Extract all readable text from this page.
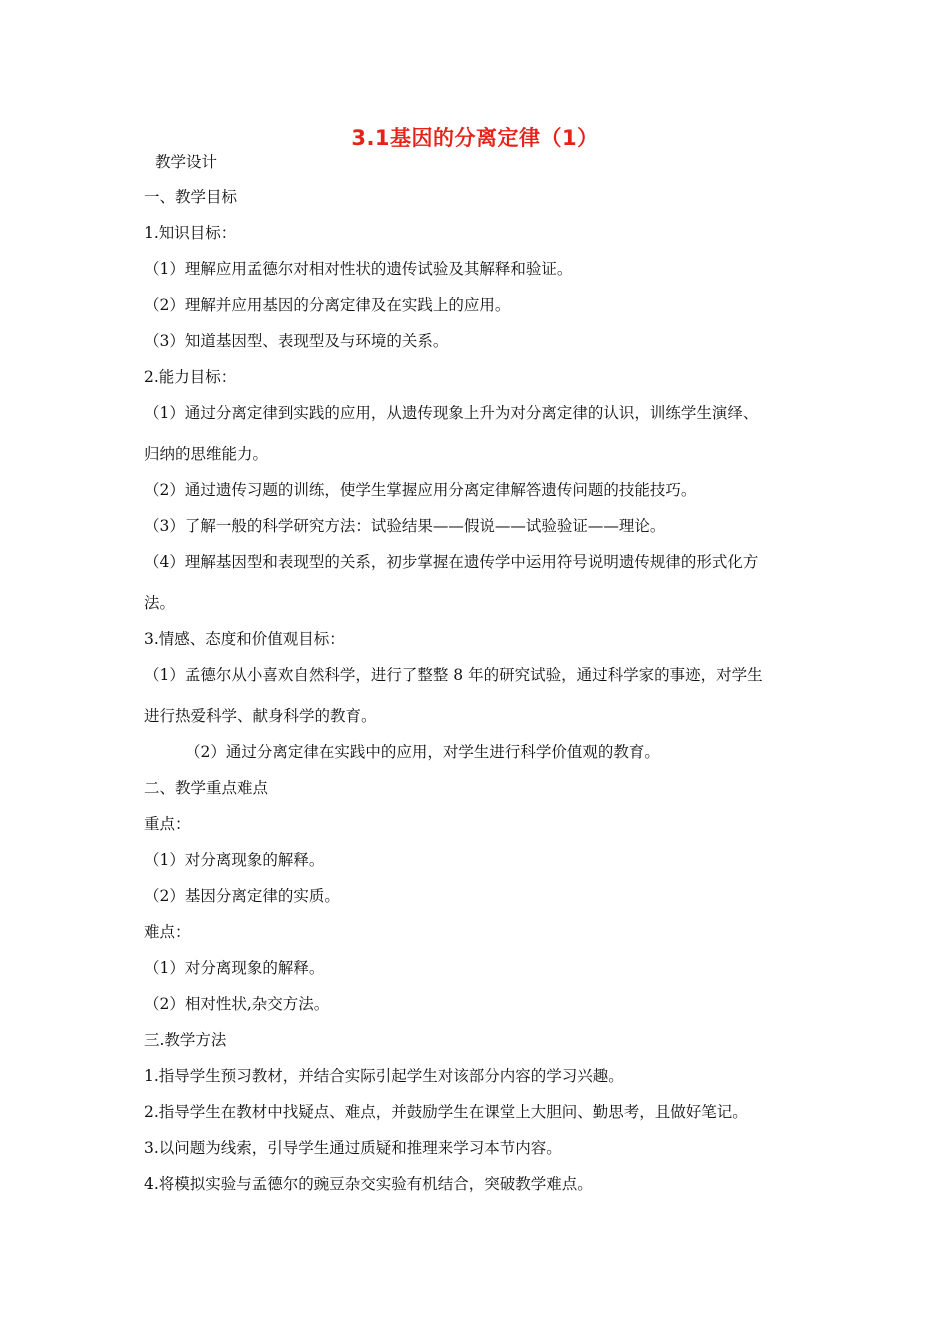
3.1基因的分离定律（1）
教学设计
一、教学目标
1.知识目标：
（1）理解应用孟德尔对相对性状的遗传试验及其解释和验证。
（2）理解并应用基因的分离定律及在实践上的应用。
（3）知道基因型、表现型及与环境的关系。
2.能力目标：
（1）通过分离定律到实践的应用，从遗传现象上升为对分离定律的认识，训练学生演绎、
归纳的思维能力。
（2）通过遗传习题的训练，使学生掌握应用分离定律解答遗传问题的技能技巧。
（3）了解一般的科学研究方法：试验结果——假说——试验验证——理论。
（4）理解基因型和表现型的关系，初步掌握在遗传学中运用符号说明遗传规律的形式化方
法。
3.情感、态度和价值观目标：
（1）孟德尔从小喜欢自然科学，进行了整整 8 年的研究试验，通过科学家的事迹，对学生
进行热爱科学、献身科学的教育。
（2）通过分离定律在实践中的应用，对学生进行科学价值观的教育。
二、教学重点难点
重点：
（1）对分离现象的解释。
（2）基因分离定律的实质。
难点：
（1）对分离现象的解释。
（2）相对性状,杂交方法。
三.教学方法
1.指导学生预习教材，并结合实际引起学生对该部分内容的学习兴趣。
2.指导学生在教材中找疑点、难点，并鼓励学生在课堂上大胆问、勤思考，且做好笔记。
3.以问题为线索，引导学生通过质疑和推理来学习本节内容。
4.将模拟实验与孟德尔的豌豆杂交实验有机结合，突破教学难点。
